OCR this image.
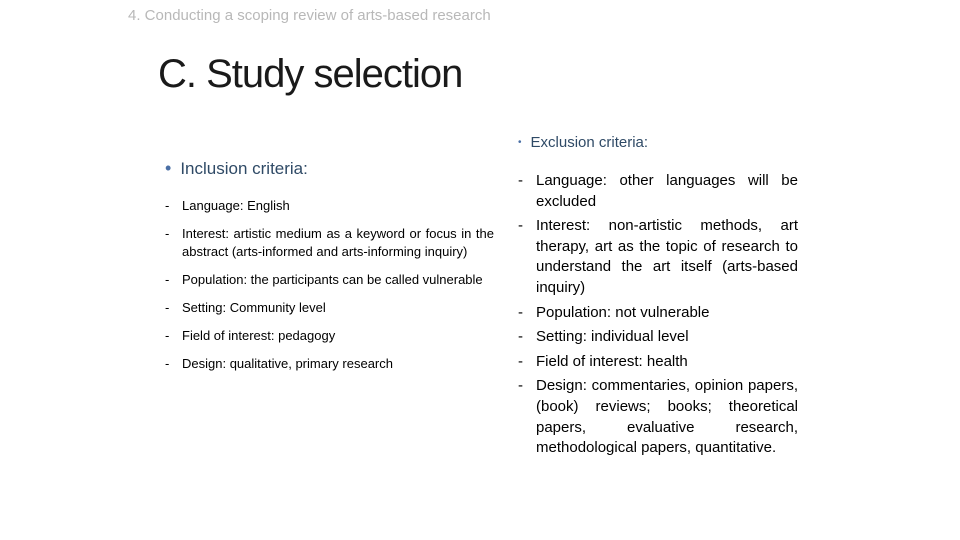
4. Conducting a scoping review of arts-based research
C. Study selection
• Inclusion criteria:
- Language: English
- Interest: artistic medium as a keyword or focus in the abstract (arts-informed and arts-informing inquiry)
- Population: the participants can be called vulnerable
- Setting: Community level
- Field of interest: pedagogy
- Design: qualitative, primary research
• Exclusion criteria:
- Language: other languages will be excluded
- Interest: non-artistic methods, art therapy, art as the topic of research to understand the art itself (arts-based inquiry)
- Population: not vulnerable
- Setting: individual level
- Field of interest: health
- Design: commentaries, opinion papers, (book) reviews; books; theoretical papers, evaluative research, methodological papers, quantitative.
